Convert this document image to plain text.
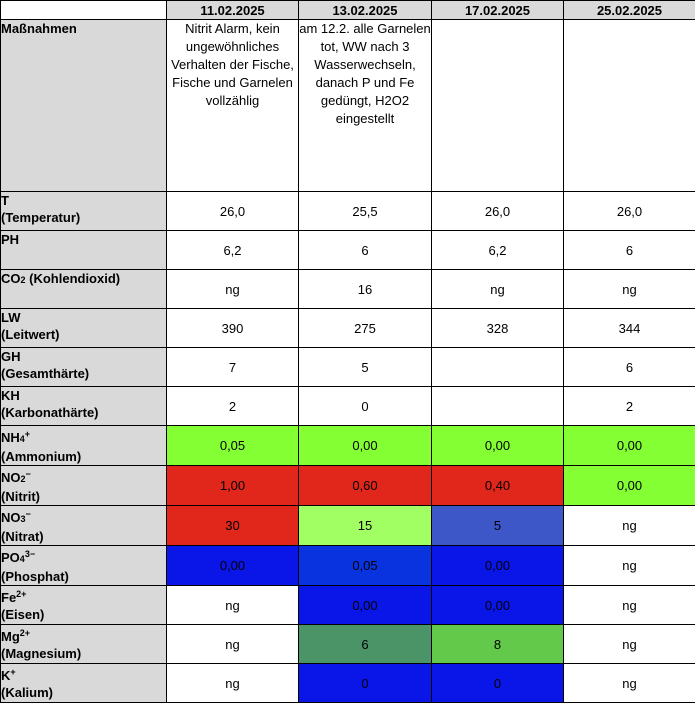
	11.02.2025	13.02.2025	17.02.2025	25.02.2025
Maßnahmen	Nitrit Alarm, kein ungewöhnliches Verhalten der Fische, Fische und Garnelen vollzählig	am 12.2. alle Garnelen tot, WW nach 3 Wasserwechseln, danach P und Fe gedüngt, H2O2 eingestellt		

T
(Temperatur)	26,0	25,5	26,0	26,0

PH	6,2	6	6,2	6

CO2 (Kohlendioxid)	ng	16	ng	ng

LW
(Leitwert)	390	275	328	344

GH
(Gesamthärte)	7	5		6

KH
(Karbonathärte)	2	0		2

NH4+
(Ammonium)	0,05	0,00	0,00	0,00

NO2−
(Nitrit)	1,00	0,60	0,40	0,00

NO3−
(Nitrat)	30	15	5	ng

$PO4^{3-}$
(Phosphat)	0,00	0,05	0,00	ng

$Fe^{2+}$
(Eisen)	ng	0,00	0,00	ng

$Mg^{2+}$
(Magnesium)	ng	6	8	ng

K+
(Kalium)	ng	0	0	ng
